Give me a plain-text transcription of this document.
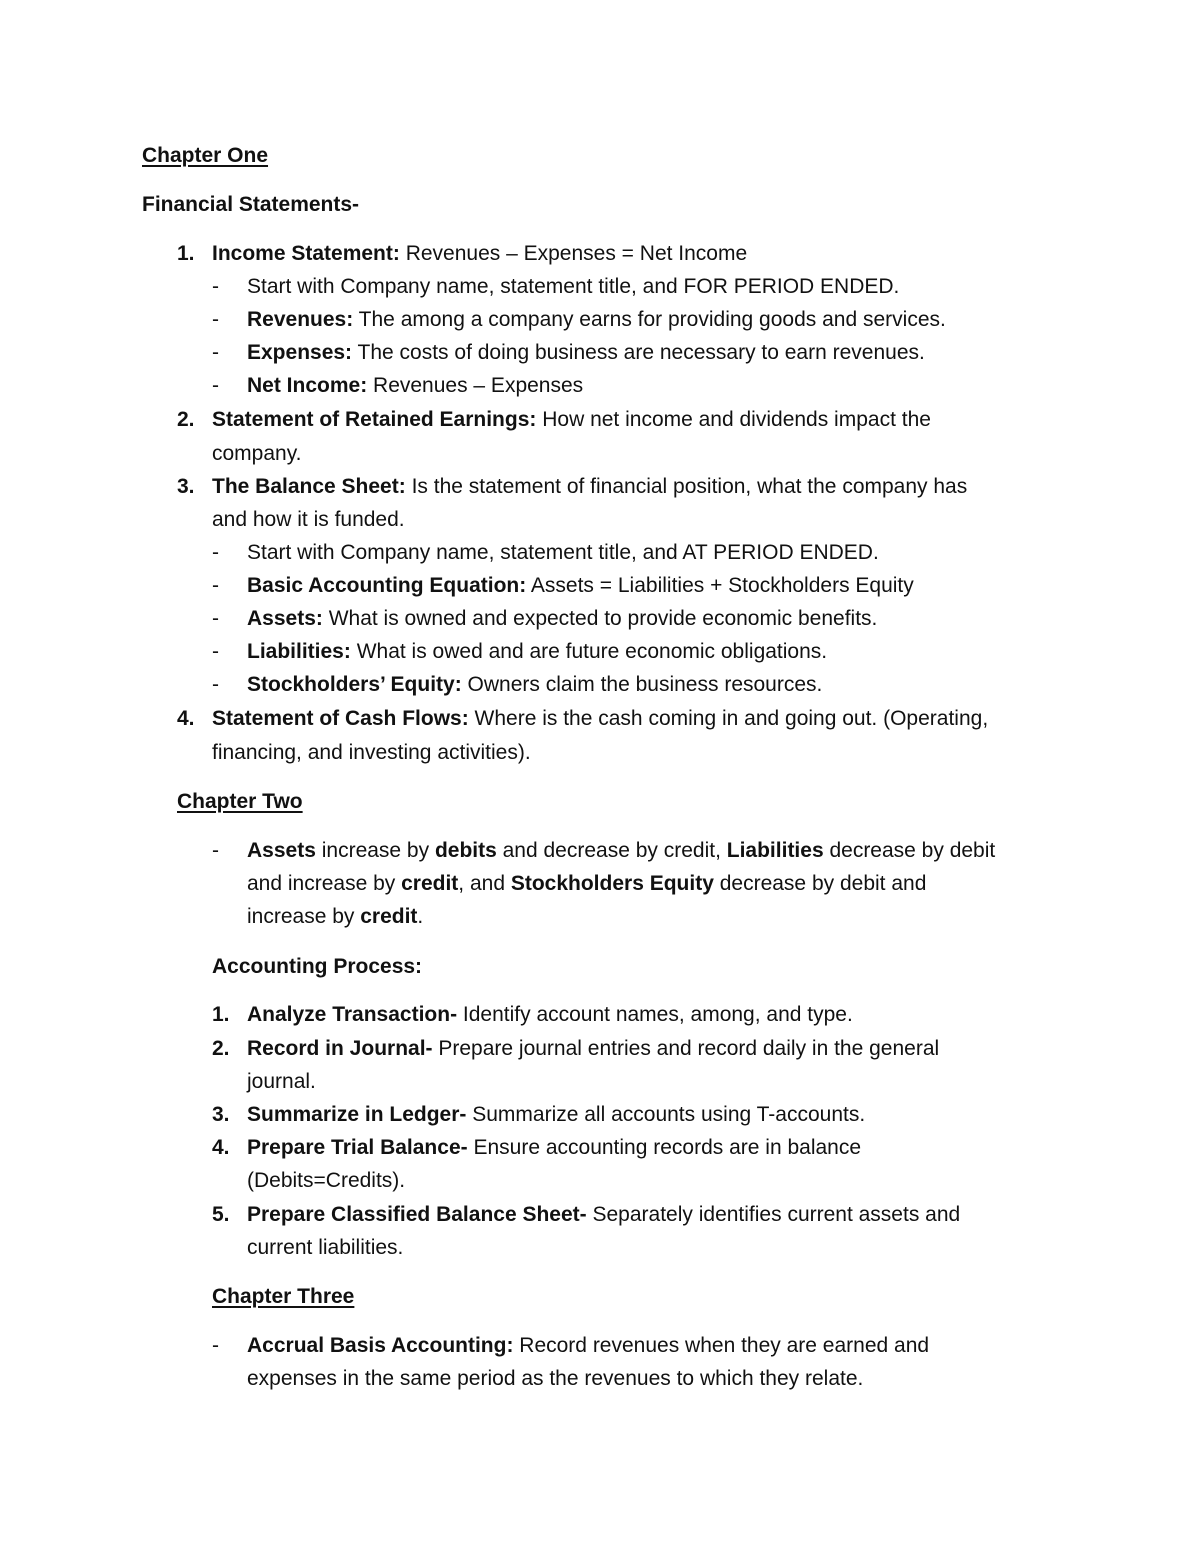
Chapter One
Financial Statements-
1. Income Statement: Revenues – Expenses = Net Income
- Start with Company name, statement title, and FOR PERIOD ENDED.
- Revenues: The among a company earns for providing goods and services.
- Expenses: The costs of doing business are necessary to earn revenues.
- Net Income: Revenues – Expenses
2. Statement of Retained Earnings: How net income and dividends impact the
company.
3. The Balance Sheet: Is the statement of financial position, what the company has
and how it is funded.
- Start with Company name, statement title, and AT PERIOD ENDED.
- Basic Accounting Equation: Assets = Liabilities + Stockholders Equity
- Assets: What is owned and expected to provide economic benefits.
- Liabilities: What is owed and are future economic obligations.
- Stockholders’ Equity: Owners claim the business resources.
4. Statement of Cash Flows: Where is the cash coming in and going out. (Operating,
financing, and investing activities).
Chapter Two
- Assets increase by debits and decrease by credit, Liabilities decrease by debit
and increase by credit, and Stockholders Equity decrease by debit and
increase by credit.
Accounting Process:
1. Analyze Transaction- Identify account names, among, and type.
2. Record in Journal- Prepare journal entries and record daily in the general
journal.
3. Summarize in Ledger- Summarize all accounts using T-accounts.
4. Prepare Trial Balance- Ensure accounting records are in balance
(Debits=Credits).
5. Prepare Classified Balance Sheet- Separately identifies current assets and
current liabilities.
Chapter Three
- Accrual Basis Accounting: Record revenues when they are earned and
expenses in the same period as the revenues to which they relate.
